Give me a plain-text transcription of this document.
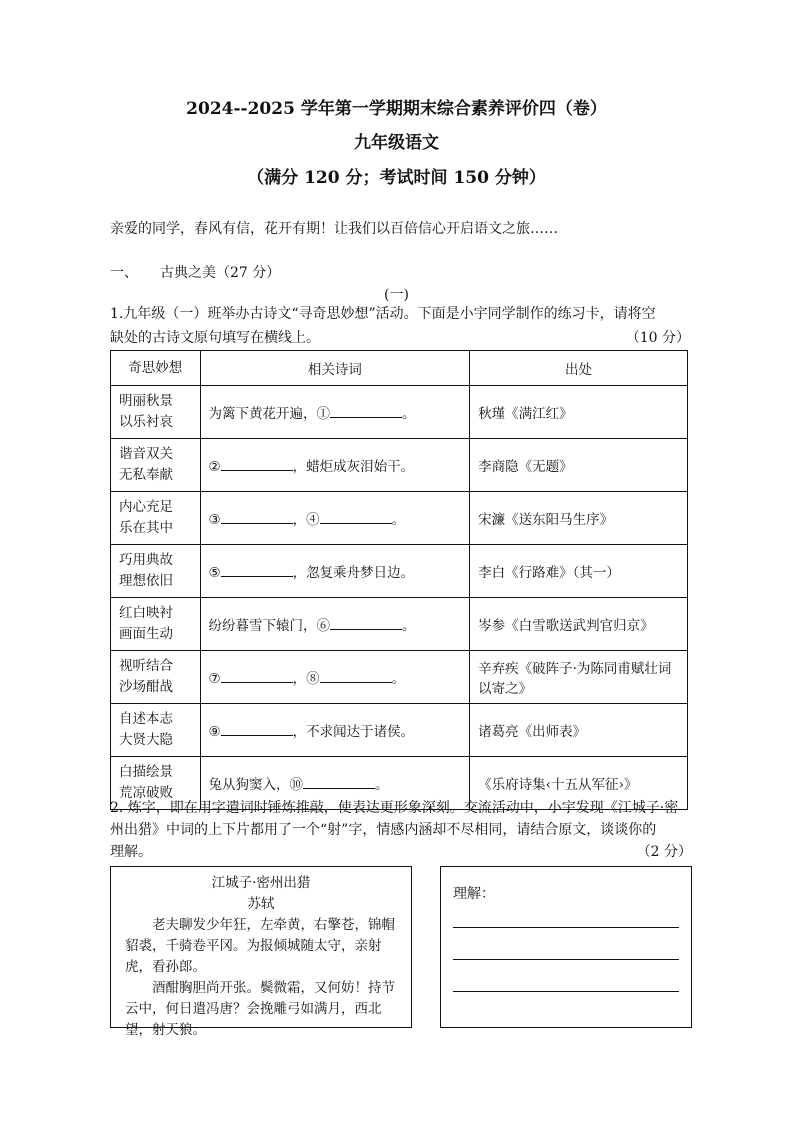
2024--2025 学年第一学期期末综合素养评价四（卷）
九年级语文
（满分 120 分；考试时间 150 分钟）
亲爱的同学，春风有信，花开有期！让我们以百倍信心开启语文之旅……
一、 古典之美（27 分）
(一)
1.九年级（一）班举办古诗文“寻奇思妙想”活动。下面是小宇同学制作的练习卡，请将空
缺处的古诗文原句填写在横线上。	（10 分）
奇思妙想	相关诗词	出处

明丽秋景
以乐衬哀	为篱下黄花开遍，① 。	秋瑾《满江红》

谐音双关
无私奉献	② ，蜡炬成灰泪始干。	李商隐《无题》

内心充足
乐在其中	③ ，④ 。	宋濂《送东阳马生序》

巧用典故
理想依旧	⑤ ，忽复乘舟梦日边。	李白《行路难》（其一）

红白映衬
画面生动	纷纷暮雪下辕门，⑥ 。	岑参《白雪歌送武判官归京》

视听结合
沙场酣战	⑦ ，⑧ 。	辛弃疾《破阵子·为陈同甫赋壮词以寄之》

自述本志
大贤大隐	⑨ ，不求闻达于诸侯。	诸葛亮《出师表》

白描绘景
荒凉破败	兔从狗窦入，⑩ 。	《乐府诗集‹十五从军征›》
2. 炼字，即在用字遣词时锤炼推敲，使表达更形象深刻。交流活动中，小宇发现《江城子·密
州出猎》中词的上下片都用了一个“射”字，情感内涵却不尽相同，请结合原文，谈谈你的
理解。	（2 分）
江城子·密州出猎
苏轼

老夫聊发少年狂，左牵黄，右擎苍，锦帽貂裘，千骑卷平冈。为报倾城随太守，亲射虎，看孙郎。

酒酣胸胆尚开张。鬓微霜，又何妨！持节云中，何日遣冯唐？会挽雕弓如满月，西北望，射天狼。

理解：
